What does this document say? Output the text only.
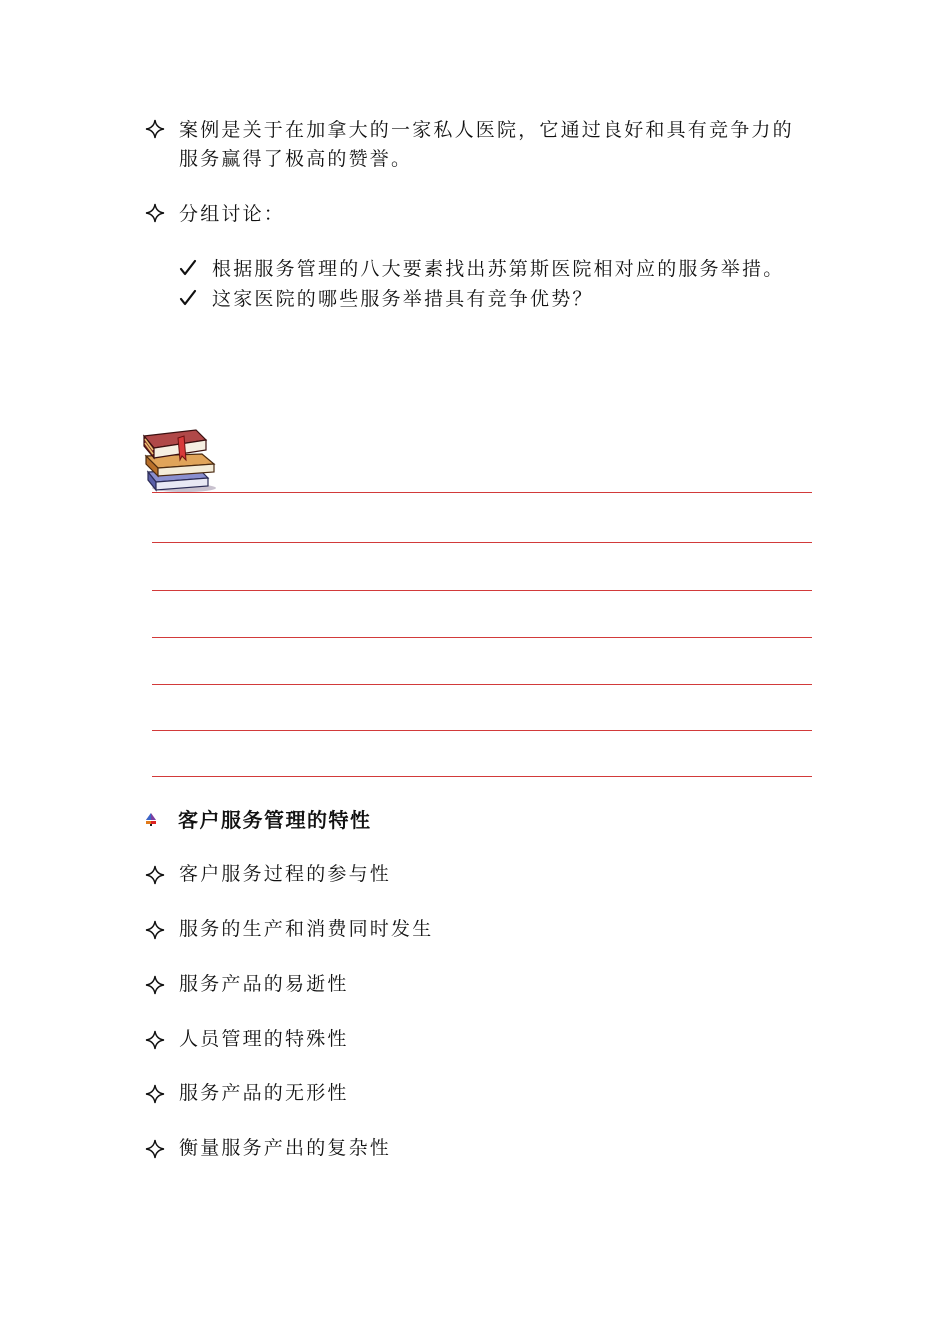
案例是关于在加拿大的一家私人医院，它通过良好和具有竞争力的服务赢得了极高的赞誉。
分组讨论：
根据服务管理的八大要素找出苏第斯医院相对应的服务举措。
这家医院的哪些服务举措具有竞争优势？
客户服务管理的特性
客户服务过程的参与性
服务的生产和消费同时发生
服务产品的易逝性
人员管理的特殊性
服务产品的无形性
衡量服务产出的复杂性
